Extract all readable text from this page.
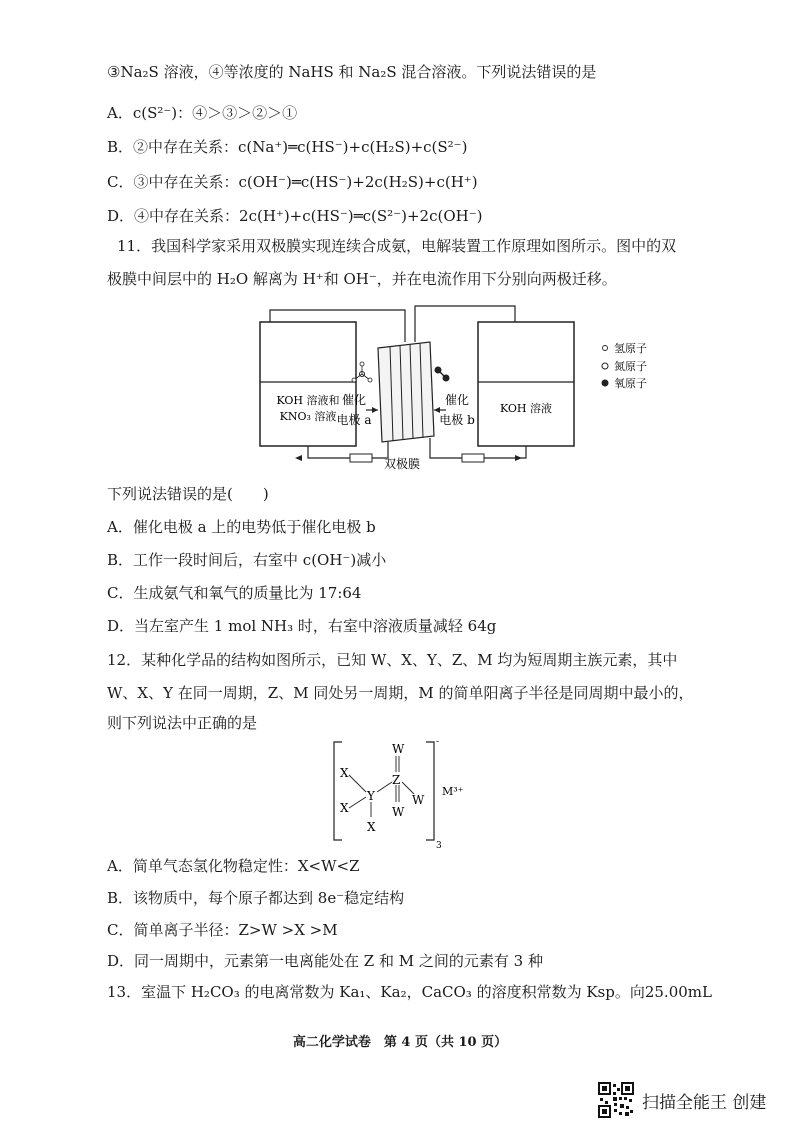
③Na₂S 溶液，④等浓度的 NaHS 和 Na₂S 混合溶液。下列说法错误的是
A．c(S²⁻)：④＞③＞②＞①
B．②中存在关系：c(Na⁺)═c(HS⁻)+c(H₂S)+c(S²⁻)
C．③中存在关系：c(OH⁻)═c(HS⁻)+2c(H₂S)+c(H⁺)
D．④中存在关系：2c(H⁺)+c(HS⁻)═c(S²⁻)+2c(OH⁻)
11．我国科学家采用双极膜实现连续合成氨，电解装置工作原理如图所示。图中的双
极膜中间层中的 H₂O 解离为 H⁺和 OH⁻，并在电流作用下分别向两极迁移。
KOH 溶液和
KNO₃ 溶液
KOH 溶液
催化
电极 a
催化
电极 b
双极膜
氢原子
氮原子
氧原子
下列说法错误的是(　　)
A．催化电极 a 上的电势低于催化电极 b
B．工作一段时间后，右室中 c(OH⁻)减小
C．生成氨气和氧气的质量比为 17:64
D．当左室产生 1 mol NH₃ 时，右室中溶液质量减轻 64g
12．某种化学品的结构如图所示，已知 W、X、Y、Z、M 均为短周期主族元素，其中
W、X、Y 在同一周期，Z、M 同处另一周期，M 的简单阳离子半径是同周期中最小的，
则下列说法中正确的是
W
X	Z
Y	W
X	W
X
-
3
M³⁺
A．简单气态氢化物稳定性：X<W<Z
B．该物质中，每个原子都达到 8e⁻稳定结构
C．简单离子半径：Z>W >X >M
D．同一周期中，元素第一电离能处在 Z 和 M 之间的元素有 3 种
13．室温下 H₂CO₃ 的电离常数为 Ka₁、Ka₂，CaCO₃ 的溶度积常数为 Ksp。向25.00mL
高二化学试卷　第 4 页（共 10 页）
扫描全能王 创建
